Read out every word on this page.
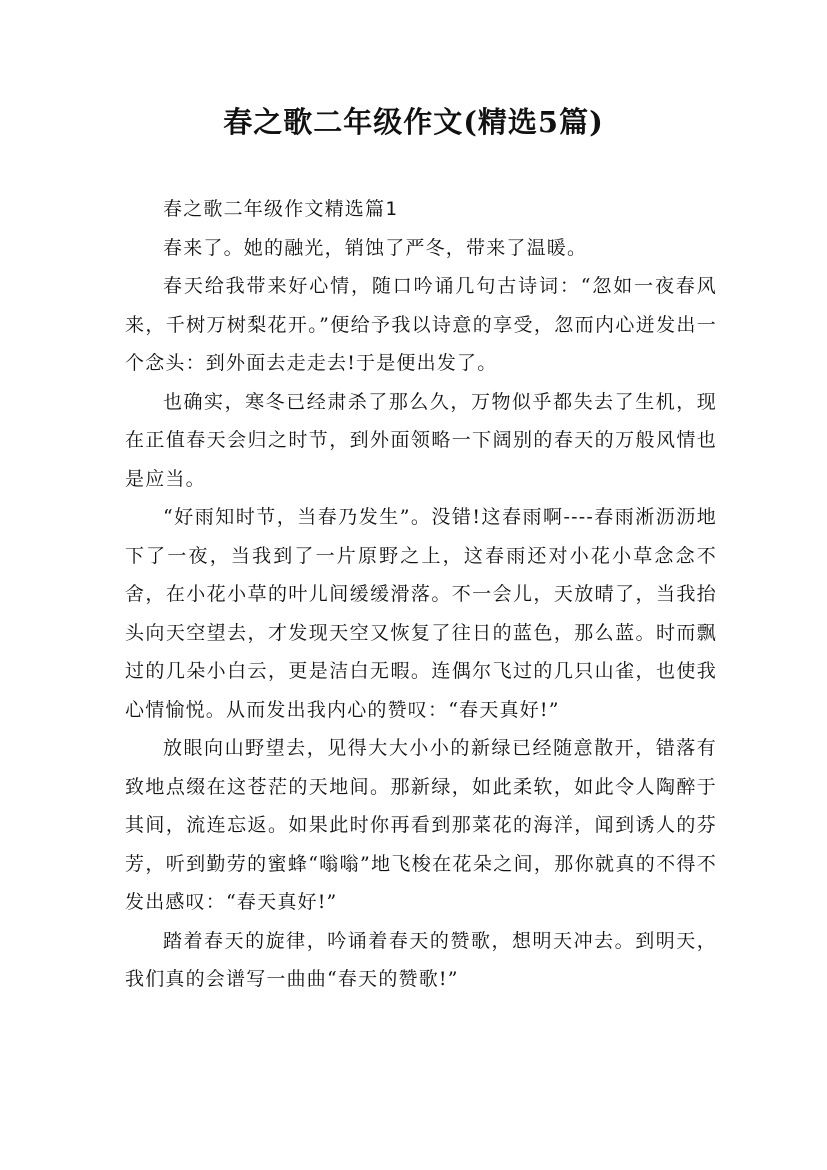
春之歌二年级作文(精选5篇)

春之歌二年级作文精选篇1

春来了。她的融光，销蚀了严冬，带来了温暖。

春天给我带来好心情，随口吟诵几句古诗词：“忽如一夜春风来，千树万树梨花开。”便给予我以诗意的享受，忽而内心迸发出一个念头：到外面去走走去!于是便出发了。

也确实，寒冬已经肃杀了那么久，万物似乎都失去了生机，现在正值春天会归之时节，到外面领略一下阔别的春天的万般风情也是应当。

“好雨知时节，当春乃发生”。没错!这春雨啊----春雨淅沥沥地下了一夜，当我到了一片原野之上，这春雨还对小花小草念念不舍，在小花小草的叶儿间缓缓滑落。不一会儿，天放晴了，当我抬头向天空望去，才发现天空又恢复了往日的蓝色，那么蓝。时而飘过的几朵小白云，更是洁白无暇。连偶尔飞过的几只山雀，也使我心情愉悦。从而发出我内心的赞叹：“春天真好!”

放眼向山野望去，见得大大小小的新绿已经随意散开，错落有致地点缀在这苍茫的天地间。那新绿，如此柔软，如此令人陶醉于其间，流连忘返。如果此时你再看到那菜花的海洋，闻到诱人的芬芳，听到勤劳的蜜蜂“嗡嗡”地飞梭在花朵之间，那你就真的不得不发出感叹：“春天真好!”

踏着春天的旋律，吟诵着春天的赞歌，想明天冲去。到明天，我们真的会谱写一曲曲“春天的赞歌!”
